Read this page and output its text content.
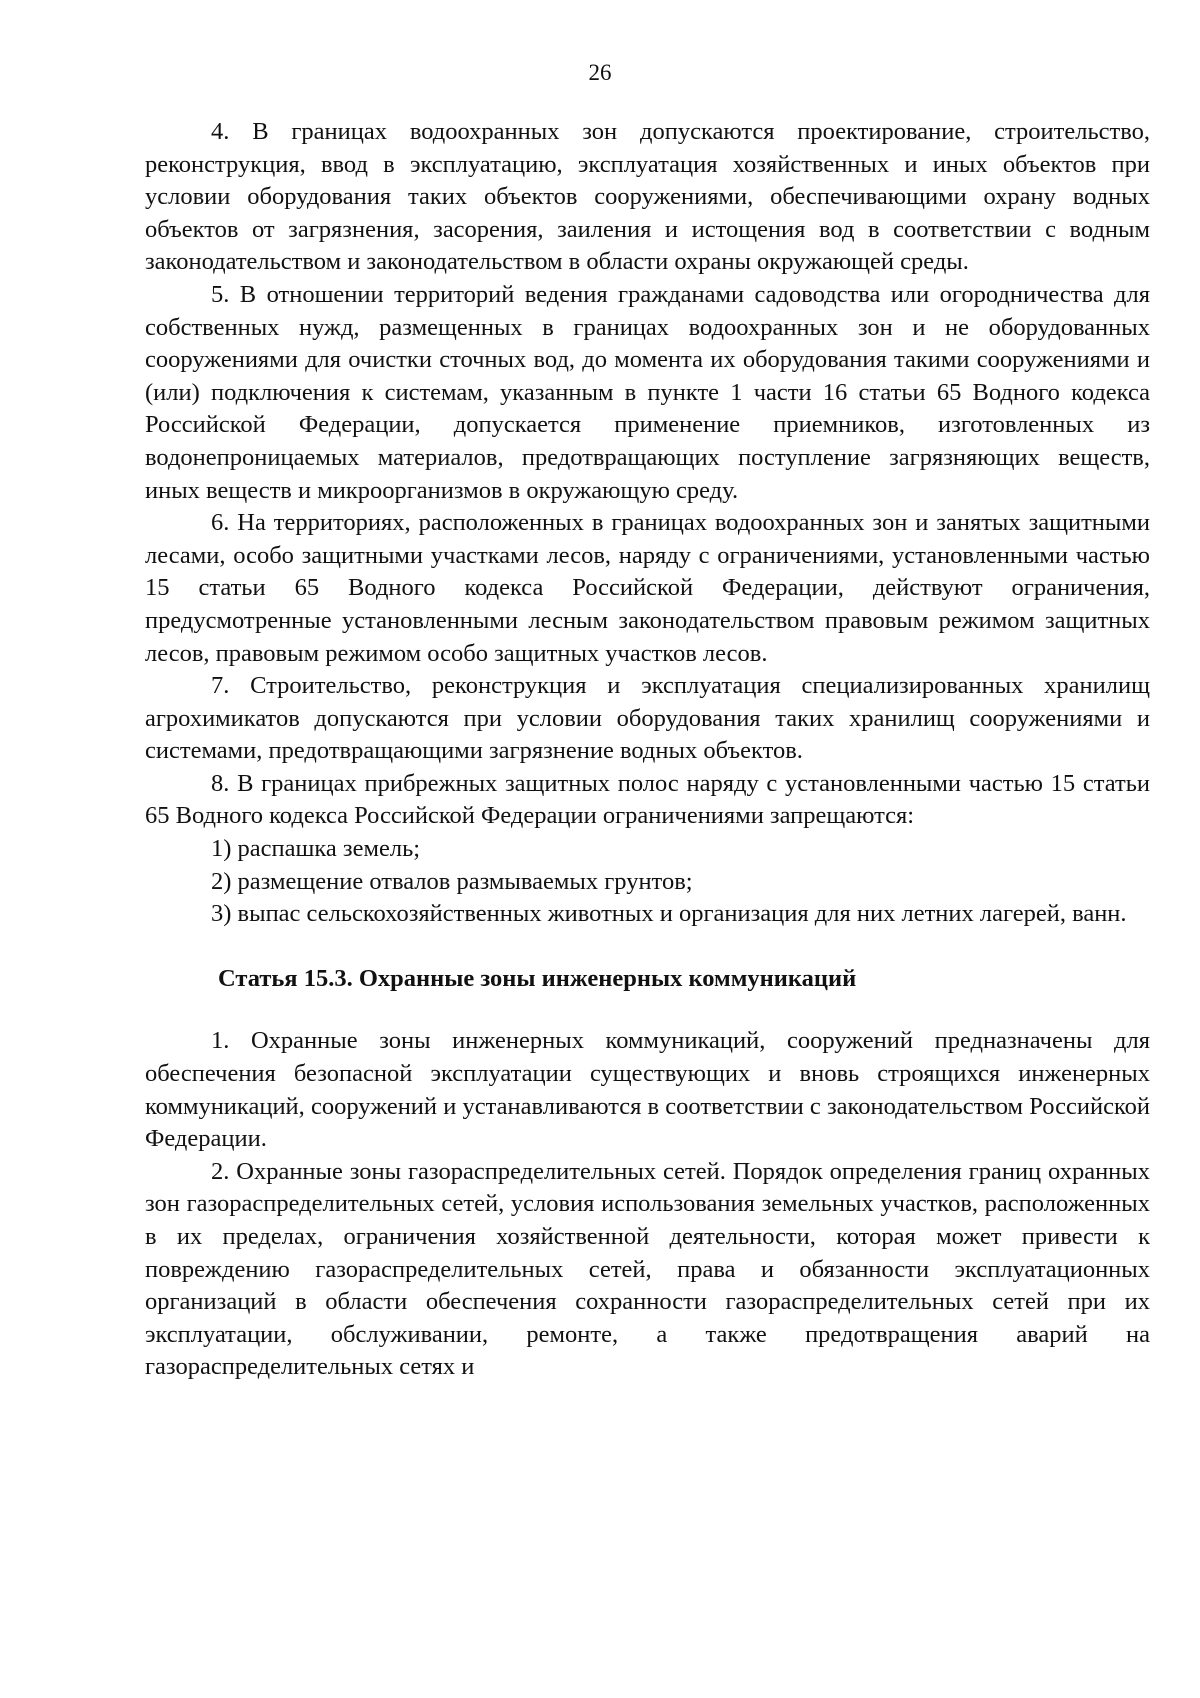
26

4. В границах водоохранных зон допускаются проектирование, строительство, реконструкция, ввод в эксплуатацию, эксплуатация хозяйственных и иных объектов при условии оборудования таких объектов сооружениями, обеспечивающими охрану водных объектов от загрязнения, засорения, заиления и истощения вод в соответствии с водным законодательством и законодательством в области охраны окружающей среды.

5. В отношении территорий ведения гражданами садоводства или огородничества для собственных нужд, размещенных в границах водоохранных зон и не оборудованных сооружениями для очистки сточных вод, до момента их оборудования такими сооружениями и (или) подключения к системам, указанным в пункте 1 части 16 статьи 65 Водного кодекса Российской Федерации, допускается применение приемников, изготовленных из водонепроницаемых материалов, предотвращающих поступление загрязняющих веществ, иных веществ и микроорганизмов в окружающую среду.

6. На территориях, расположенных в границах водоохранных зон и занятых защитными лесами, особо защитными участками лесов, наряду с ограничениями, установленными частью 15 статьи 65 Водного кодекса Российской Федерации, действуют ограничения, предусмотренные установленными лесным законодательством правовым режимом защитных лесов, правовым режимом особо защитных участков лесов.

7. Строительство, реконструкция и эксплуатация специализированных хранилищ агрохимикатов допускаются при условии оборудования таких хранилищ сооружениями и системами, предотвращающими загрязнение водных объектов.

8. В границах прибрежных защитных полос наряду с установленными частью 15 статьи 65 Водного кодекса Российской Федерации ограничениями запрещаются:

1) распашка земель;

2) размещение отвалов размываемых грунтов;

3) выпас сельскохозяйственных животных и организация для них летних лагерей, ванн.

Статья 15.3. Охранные зоны инженерных коммуникаций

1. Охранные зоны инженерных коммуникаций, сооружений предназначены для обеспечения безопасной эксплуатации существующих и вновь строящихся инженерных коммуникаций, сооружений и устанавливаются в соответствии с законодательством Российской Федерации.

2. Охранные зоны газораспределительных сетей. Порядок определения границ охранных зон газораспределительных сетей, условия использования земельных участков, расположенных в их пределах, ограничения хозяйственной деятельности, которая может привести к повреждению газораспределительных сетей, права и обязанности эксплуатационных организаций в области обеспечения сохранности газораспределительных сетей при их эксплуатации, обслуживании, ремонте, а также предотвращения аварий на газораспределительных сетях и
